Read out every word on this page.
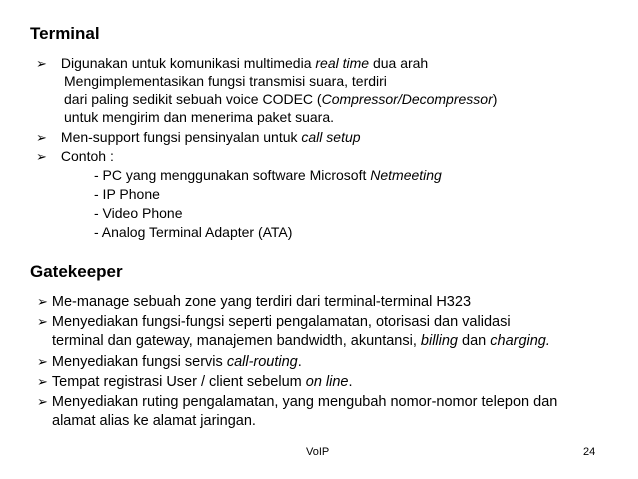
Terminal
➢ Digunakan untuk komunikasi multimedia real time dua arah
Mengimplementasikan fungsi transmisi suara, terdiri
dari paling sedikit sebuah voice CODEC (Compressor/Decompressor)
untuk mengirim dan menerima paket suara.
➢ Men-support fungsi pensinyalan untuk call setup
➢ Contoh :
- PC yang menggunakan software Microsoft Netmeeting
- IP Phone
- Video Phone
- Analog Terminal Adapter (ATA)
Gatekeeper
➢ Me-manage sebuah zone yang terdiri dari terminal-terminal H323
➢ Menyediakan fungsi-fungsi seperti pengalamatan, otorisasi dan validasi
terminal dan gateway, manajemen bandwidth, akuntansi, billing dan charging.
➢ Menyediakan fungsi servis call-routing.
➢ Tempat registrasi User / client sebelum on line.
➢ Menyediakan ruting pengalamatan, yang mengubah nomor-nomor telepon dan
alamat alias ke alamat jaringan.
VoIP	24
